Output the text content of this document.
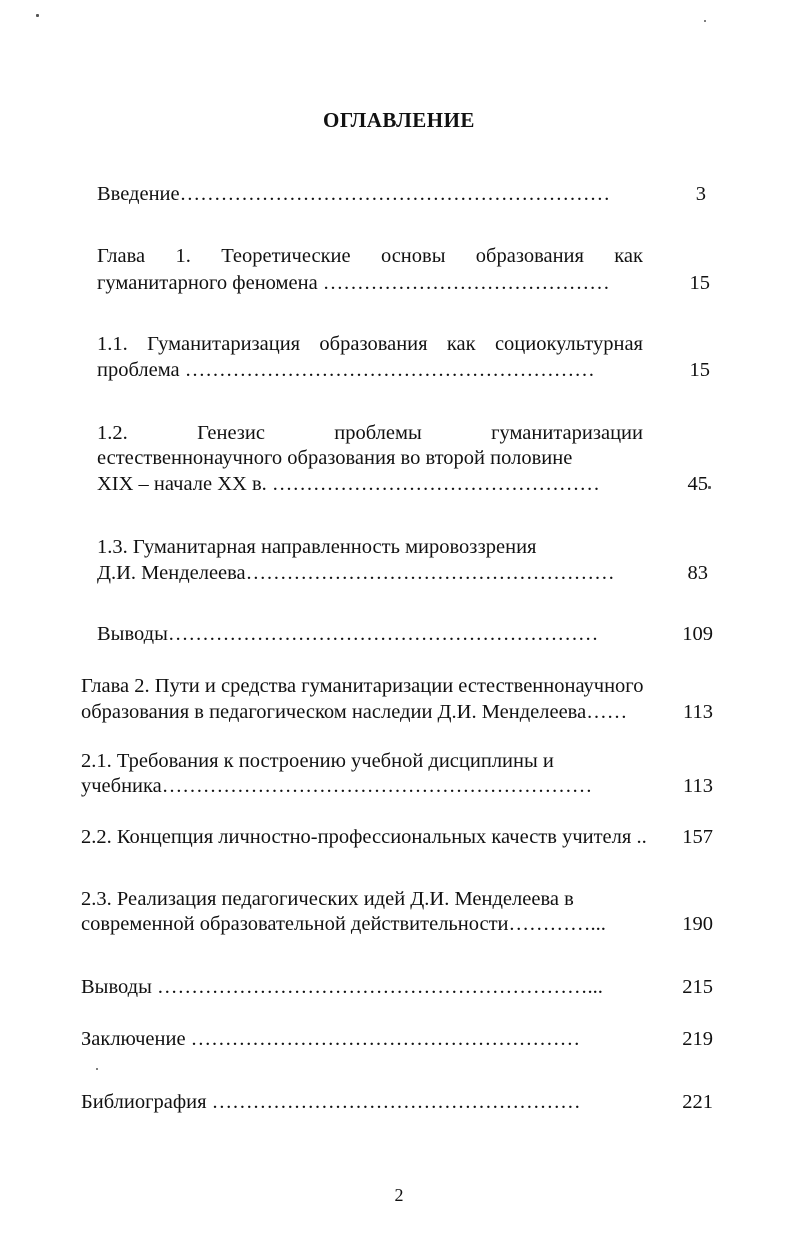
ОГЛАВЛЕНИЕ

Введение………………………………………………………	3

Глава 1. Теоретические основы образования как

гуманитарного феномена ……………………………………	15

1.1. Гуманитаризация образования как социокультурная

проблема ……………………………………………………	15

1.2. Генезис проблемы гуманитаризации

естественнонаучного образования во второй половине

XIX – начале XX в. …………………………………………	45

1.3. Гуманитарная направленность мировоззрения

Д.И. Менделеева………………………………………………	83

Выводы………………………………………………………	109

Глава 2. Пути и средства гуманитаризации естественнонаучного

образования в педагогическом наследии Д.И. Менделеева……	113

2.1. Требования к построению учебной дисциплины и

учебника………………………………………………………	113

2.2. Концепция личностно-профессиональных качеств учителя .. 157

2.3. Реализация педагогических идей Д.И. Менделеева в

современной образовательной действительности…………...	190

Выводы ………………………………………………………...	215

Заключение …………………………………………………	219

Библиография ………………………………………………	221

2
